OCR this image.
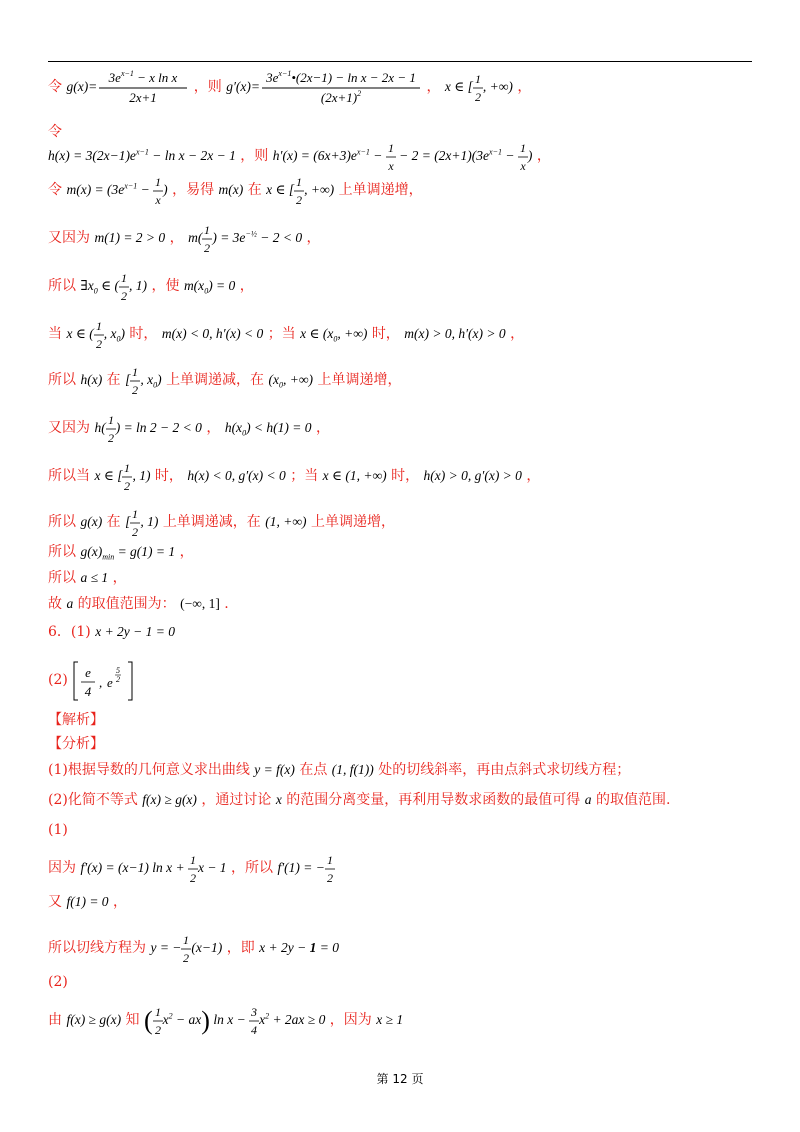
令 g(x)=
$3e^{x-1} - x$ ln x
2x+1
，则 g′(x)=
$3e^{x-1}•(2x-1) - \ln x - 2x - 1$
$(2x+1)^2$	， x ∈ [
1
2
, +∞) ，
令
$h(x) = 3(2x-1)e^{x-1} - \ln x - 2x - 1$ ，则 $h'(x) = (6x+3)e^{x-1}$ −
1
x
− $2 = (2x+1)(3e^{x-1}$ −
1
x
) ，
令 $m(x) = (3e^{x-1}$ −
1
x
) ，易得 m(x) 在 x ∈ [
1
2
, +∞) 上单调递增，
又因为 m(1) = 2 > 0 ， m(
1
2
) = $3e^{-\frac{1}{2}} - 2 < 0$ ，
所以 $\exists x_0$ ∈ (
1
2
, 1) ，使 $m(x_0) = 0$ ，
当 x ∈ (
1
2
, $x_0$) 时， m(x) < 0, h′(x) < 0 ；当 x ∈ ($x_0$, +∞) 时， m(x) > 0, h′(x) > 0 ，
所以 h(x) 在 [
1
2
, $x_0$) 上单调递减，在 ($x_0$, +∞) 上单调递增，
又因为 h(
1
2
) = ln 2 − 2 < 0 ， $h(x_0) < h(1) = 0$ ，
所以当 x ∈ [
1
2
, 1) 时， h(x) < 0, g′(x) < 0 ；当 x ∈ (1, +∞) 时， h(x) > 0, g′(x) > 0 ，
所以 g(x) 在 [
1
2
, 1) 上单调递减，在 (1, +∞) 上单调递增，
所以 $g(x)_{min} = g(1) = 1$ ，
所以 a ≤ 1 ，
故 a 的取值范围为： (−∞, 1] .
6．(1) x + 2y − 1 = 0
(2) e
4
, e
5
2
【解析】
【分析】
(1)根据导数的几何意义求出曲线 y = f(x) 在点 (1, f(1)) 处的切线斜率，再由点斜式求切线方程；
(2)化简不等式 f(x) ≥ g(x) ，通过讨论 x 的范围分离变量，再利用导数求函数的最值可得 a 的取值范围.
(1)
因为 f′(x) = (x−1) ln x +
1
2
x − 1 ，所以 f′(1) = −
1
2
又 f(1) = 0 ，
所以切线方程为 y = −
1
2
(x−1) ，即 x + 2y − 1 = 0
(2)
由 f(x) ≥ g(x) 知 ( 1
2
$x^2 - ax$) ln x −
3
4
$x^2 + 2ax \ge 0$ ，因为 x ≥ 1
第 12 页
